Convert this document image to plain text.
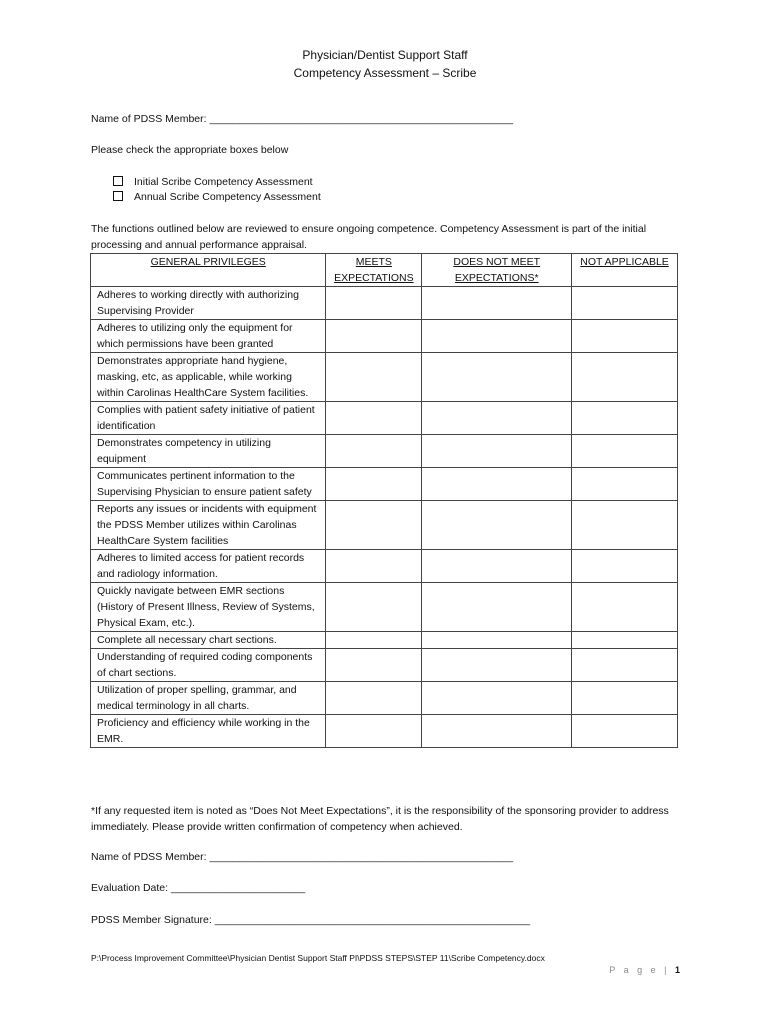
Physician/Dentist Support Staff
Competency Assessment – Scribe
Name of PDSS Member: ____________________________________________________
Please check the appropriate boxes below
Initial Scribe Competency Assessment
Annual Scribe Competency Assessment
The functions outlined below are reviewed to ensure ongoing competence. Competency Assessment is part of the initial processing and annual performance appraisal.
GENERAL PRIVILEGES	MEETS EXPECTATIONS	DOES NOT MEET EXPECTATIONS*	NOT APPLICABLE
Adheres to working directly with authorizing Supervising Provider			
Adheres to utilizing only the equipment for which permissions have been granted			
Demonstrates appropriate hand hygiene, masking, etc, as applicable, while working within Carolinas HealthCare System facilities.			
Complies with patient safety initiative of patient identification			
Demonstrates competency in utilizing equipment			
Communicates pertinent information to the Supervising Physician to ensure patient safety			
Reports any issues or incidents with equipment the PDSS Member utilizes within Carolinas HealthCare System facilities			
Adheres to limited access for patient records and radiology information.			
Quickly navigate between EMR sections (History of Present Illness, Review of Systems, Physical Exam, etc.).			
Complete all necessary chart sections.			
Understanding of required coding components of chart sections.			
Utilization of proper spelling, grammar, and medical terminology in all charts.			
Proficiency and efficiency while working in the EMR.			
*If any requested item is noted as “Does Not Meet Expectations”, it is the responsibility of the sponsoring provider to address immediately. Please provide written confirmation of competency when achieved.
Name of PDSS Member: ____________________________________________________
Evaluation Date: _______________________
PDSS Member Signature: ______________________________________________________
P:\Process Improvement Committee\Physician Dentist Support Staff PI\PDSS STEPS\STEP 11\Scribe Competency.docx
P a g e | 1
